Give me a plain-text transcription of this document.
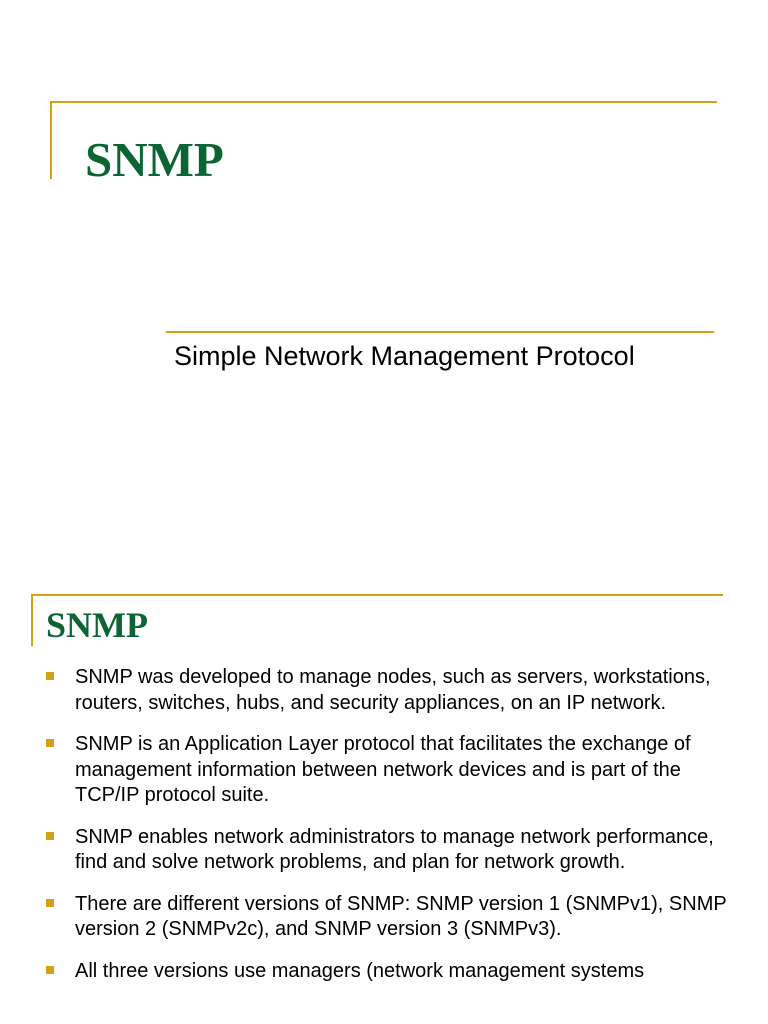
SNMP

Simple Network Management Protocol

SNMP
SNMP was developed to manage nodes, such as servers, workstations, routers, switches, hubs, and security appliances, on an IP network.
SNMP is an Application Layer protocol that facilitates the exchange of management information between network devices and is part of the TCP/IP protocol suite.
SNMP enables network administrators to manage network performance, find and solve network problems, and plan for network growth.
There are different versions of SNMP: SNMP version 1 (SNMPv1), SNMP version 2 (SNMPv2c), and SNMP version 3 (SNMPv3).
All three versions use managers (network management systems
